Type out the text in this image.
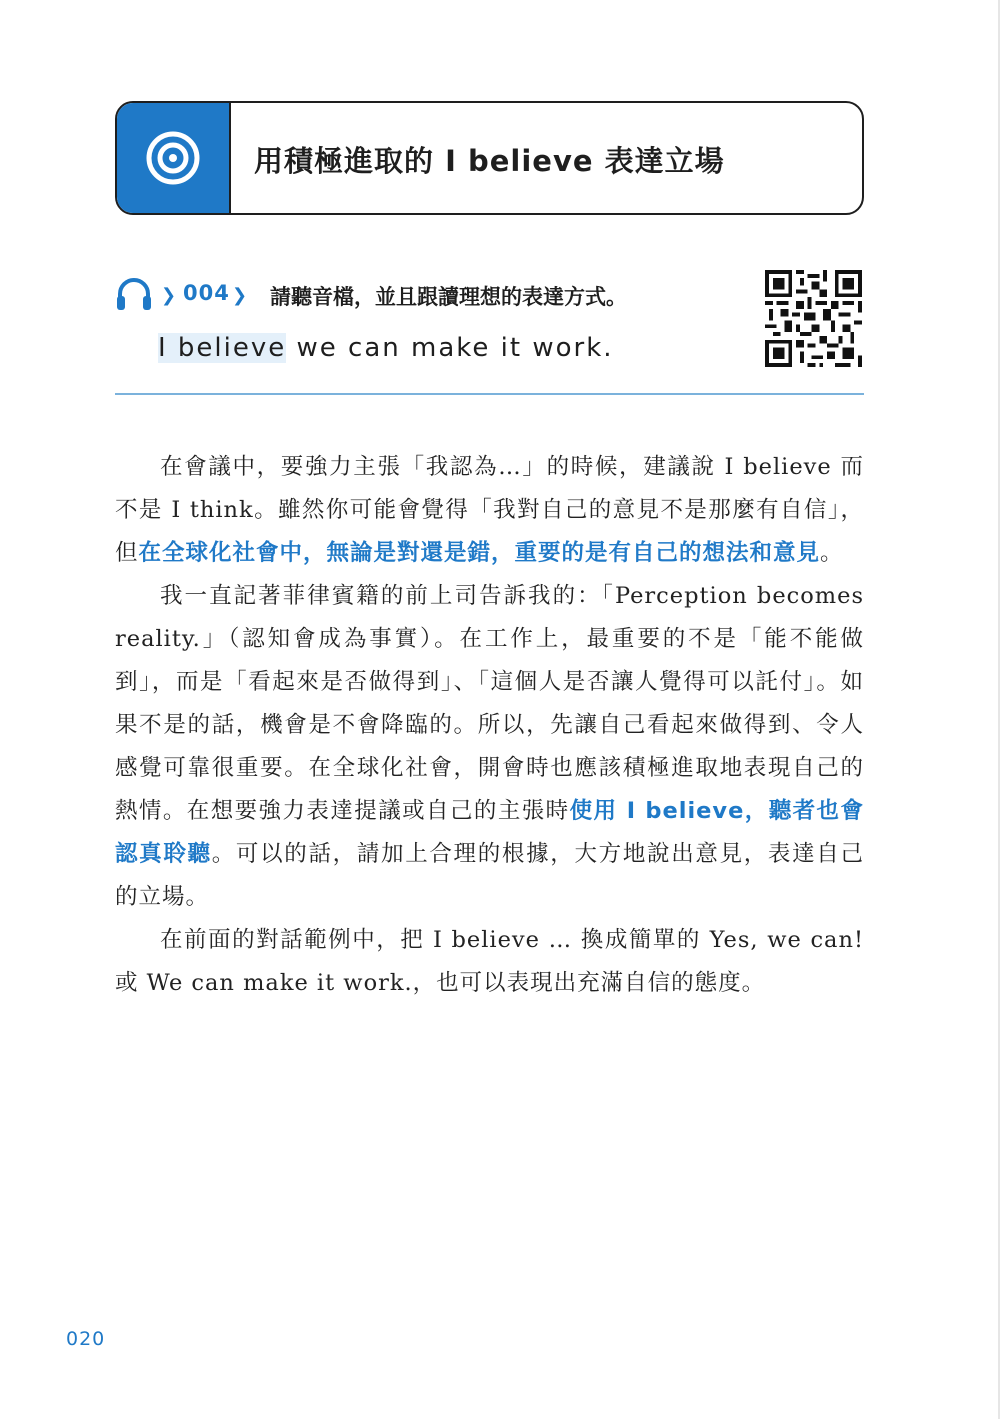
用積極進取的 I believe 表達立場
❯ 004 ❯ 請聽音檔，並且跟讀理想的表達方式。
I believe we can make it work.

在會議中，要強力主張「我認為…」的時候，建議說 I believe 而不是 I think。雖然你可能會覺得「我對自己的意見不是那麼有自信」，但在全球化社會中，無論是對還是錯，重要的是有自己的想法和意見。

我一直記著菲律賓籍的前上司告訴我的：「Perception becomes reality.」（認知會成為事實）。在工作上，最重要的不是「能不能做到」，而是「看起來是否做得到」、「這個人是否讓人覺得可以託付」。如果不是的話，機會是不會降臨的。所以，先讓自己看起來做得到、令人感覺可靠很重要。在全球化社會，開會時也應該積極進取地表現自己的熱情。在想要強力表達提議或自己的主張時使用 I believe，聽者也會認真聆聽。可以的話，請加上合理的根據，大方地說出意見，表達自己的立場。

在前面的對話範例中，把 I believe … 換成簡單的 Yes, we can! 或 We can make it work.，也可以表現出充滿自信的態度。

020
